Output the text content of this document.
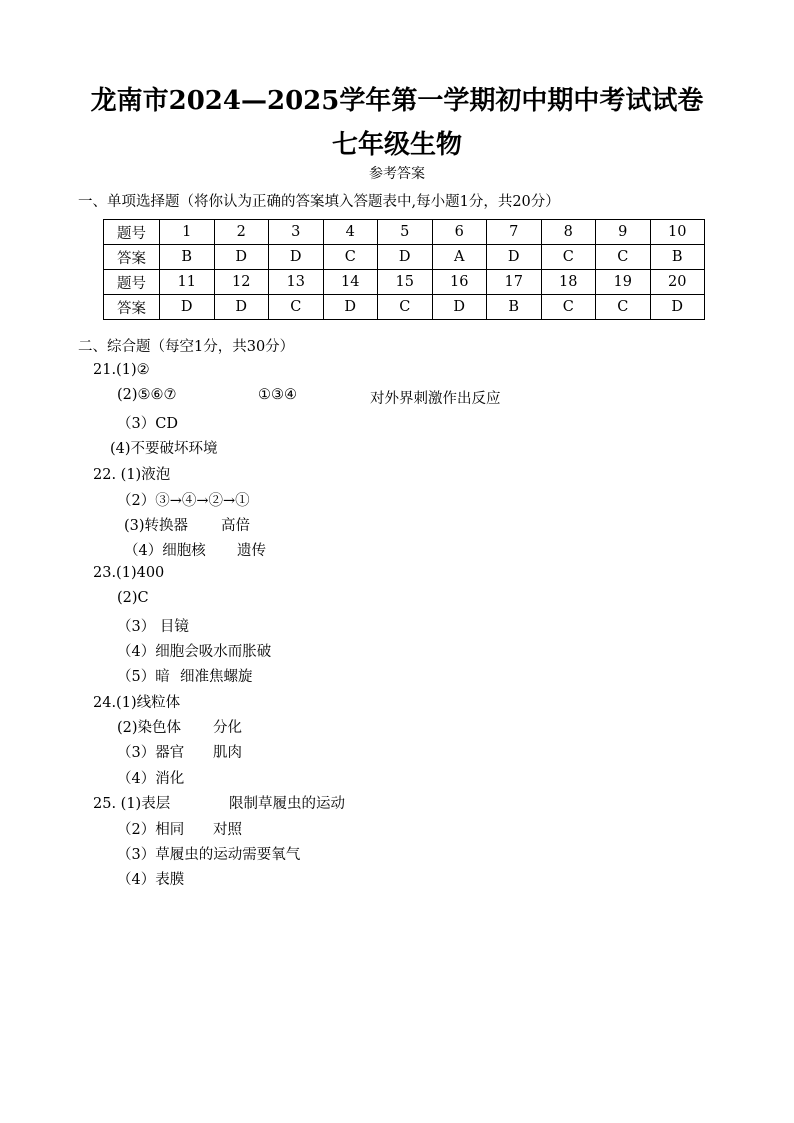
龙南市2024—2025学年第一学期初中期中考试试卷
七年级生物
参考答案
一、单项选择题（将你认为正确的答案填入答题表中,每小题1分，共20分）
题号	1	2	3	4	5	6	7	8	9	10
答案	B	D	D	C	D	A	D	C	C	B
题号	11	12	13	14	15	16	17	18	19	20
答案	D	D	C	D	C	D	B	C	C	D
二、综合题（每空1分，共30分）
21.(1)②
(2)⑤⑥⑦	①③④	对外界刺激作出反应
（3）CD
(4)不要破坏环境
22. (1)液泡
（2）③→④→②→①
(3)转换器 高倍
（4）细胞核 遗传
23.(1)400
(2)C
（3） 目镜
（4）细胞会吸水而胀破
（5）暗 细准焦螺旋
24.(1)线粒体
(2)染色体 分化
（3）器官 肌肉
（4）消化
25. (1)表层	限制草履虫的运动
（2）相同 对照
（3）草履虫的运动需要氧气
（4）表膜
